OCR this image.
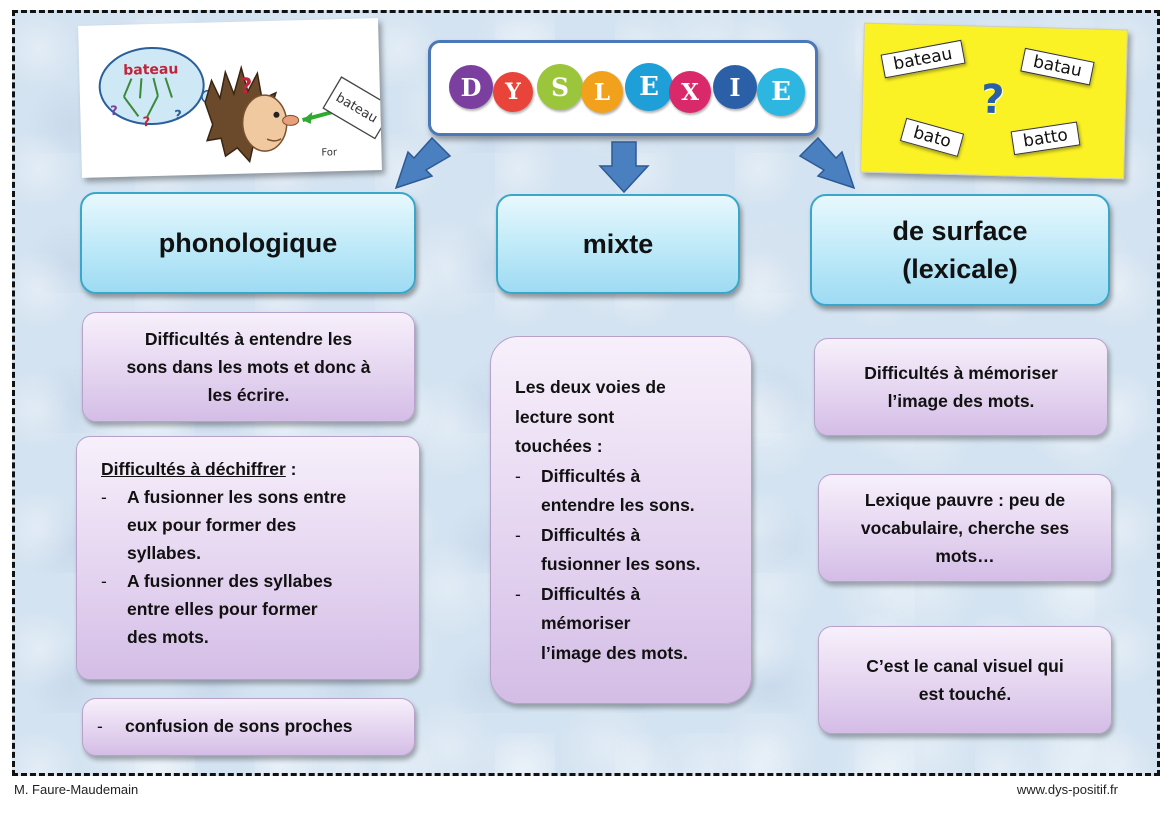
bateau
?
? ?
?
bateau
For
D	Y	S	L	E X	I	E
bateau	batau
bato	batto
?
phonologique	mixte	de surface
(lexicale)
Difficultés à entendre les
sons dans les mots et donc à
les écrire.
Difficultés à déchiffrer :
- A fusionner les sons entre
eux pour former des
syllabes.
- A fusionner des syllabes
entre elles pour former
des mots.
- confusion de sons proches
Les deux voies de
lecture sont
touchées :
- Difficultés à
entendre les sons.
- Difficultés à
fusionner les sons.
- Difficultés à
mémoriser
l’image des mots.
Difficultés à mémoriser
l’image des mots.
Lexique pauvre : peu de
vocabulaire, cherche ses
mots…
C’est le canal visuel qui
est touché.
M. Faure-Maudemain	www.dys-positif.fr
